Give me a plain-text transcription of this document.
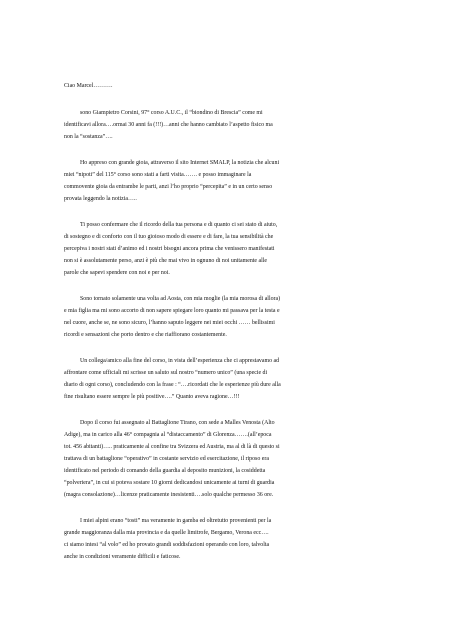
Ciao Marcel……….
sono Giampietro Corsini, 97° corso A.U.C., il “biondino di Brescia” come mi
identificavi allora….ormai 30 anni fa (!!!)…anni che hanno cambiato l’aspetto fisico ma
non la “sostanza”….
Ho appreso con grande gioia, attraverso il sito Internet SMALP, la notizia che alcuni
miei “nipoti” del 115° corso sono stati a farti visita……. e posso immaginare la
commovente gioia da entrambe le parti, anzi l’ho proprio “percepita” e in un certo senso
provata leggendo la notizia…..
Ti posso confermare che il ricordo della tua persona e di quanto ci sei stato di aiuto,
di sostegno e di conforto con il tuo gioioso modo di essere e di fare, la tua sensibilità che
percepiva i nostri stati d’animo ed i nostri bisogni ancora prima che venissero manifestati
non si è assolutamente perso, anzi è più che mai vivo in ognuno di noi unitamente alle
parole che sapevi spendere con noi e per noi.
Sono tornato solamente una volta ad Aosta, con mia moglie (la mia morosa di allora)
e mia figlia ma mi sono accorto di non sapere spiegare loro quanto mi passava per la testa e
nel cuore, anche se, ne sono sicuro, l’hanno saputo leggere nei miei occhi …… bellissimi
ricordi e sensazioni che porto dentro e che riaffiorano costantemente.
Un collega/amico alla fine del corso, in vista dell’esperienza che ci apprestavamo ad
affrontare come ufficiali mi scrisse un saluto sul nostro “numero unico” (una specie di
diario di ogni corso), concludendo con la frase : “….ricordati che le esperienze più dure alla
fine risultano essere sempre le più positive….” Quanto aveva ragione…!!!
Dopo il corso fui assegnato al Battaglione Tirano, con sede a Malles Venosta (Alto
Adige), ma in carico alla 46° compagnia al “distaccamento” di Glorenza…….(all’epoca
tot. 456 abitanti)….. praticamente al confine tra Svizzera ed Austria, ma al di là di questo si
trattava di un battaglione “operativo” in costante servizio ed esercitazione, il riposo era
identificato nel periodo di comando della guardia al deposito munizioni, la cosiddetta
“polveriera”, in cui si poteva sostare 10 giorni dedicandosi unicamente ai turni di guardia
(magra consolazione)…licenze praticamente inesistenti….solo qualche permesso 36 ore.
I miei alpini erano “tosti” ma veramente in gamba ed oltretutto provenienti per la
grande maggioranza dalla mia provincia e da quelle limitrofe, Bergamo, Verona ecc….
ci siamo intesi “al volo” ed ho provato grandi soddisfazioni operando con loro, talvolta
anche in condizioni veramente difficili e faticose.
